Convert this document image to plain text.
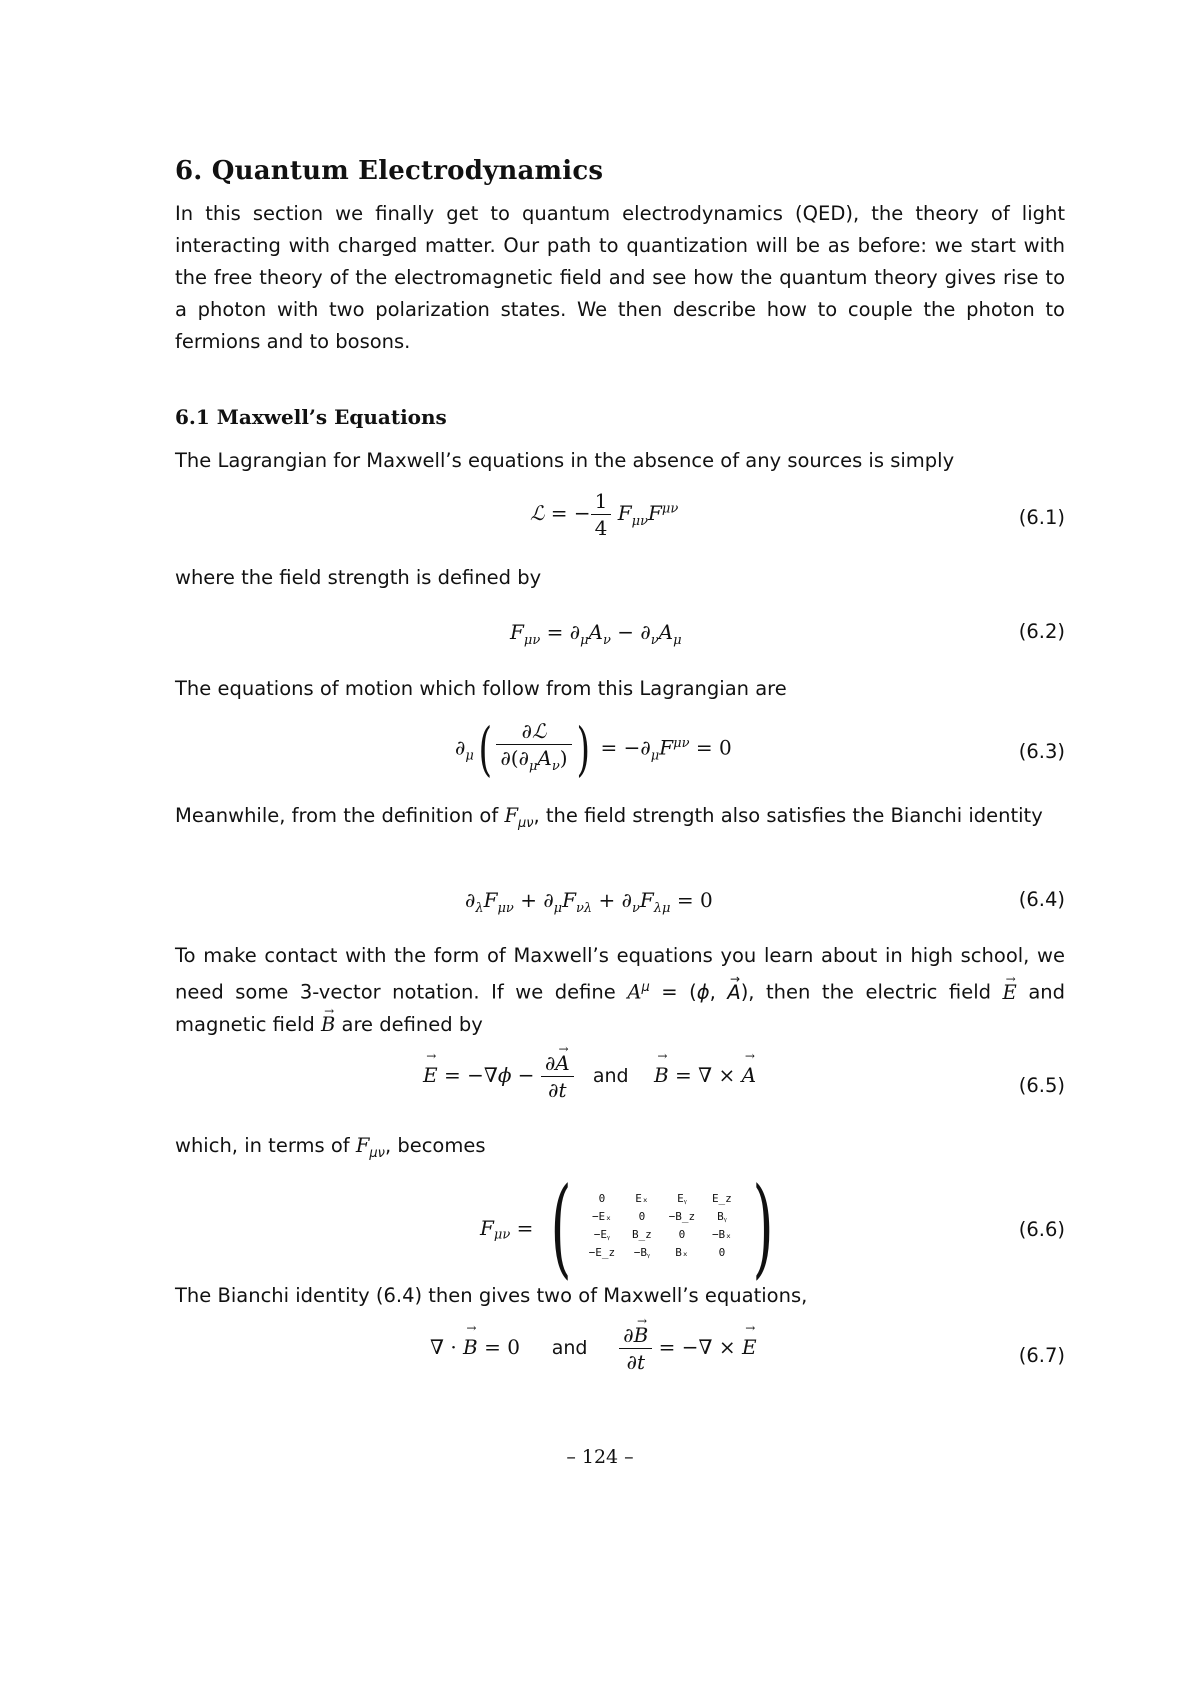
6. Quantum Electrodynamics
In this section we finally get to quantum electrodynamics (QED), the theory of light interacting with charged matter. Our path to quantization will be as before: we start with the free theory of the electromagnetic field and see how the quantum theory gives rise to a photon with two polarization states. We then describe how to couple the photon to fermions and to bosons.
6.1 Maxwell’s Equations
The Lagrangian for Maxwell’s equations in the absence of any sources is simply
ℒ = − $\frac{1}{4} F_{\mu\nu}F^{\mu\nu}$	(6.1)
where the field strength is defined by
$F_{\mu\nu} = \partial_\mu A_\nu - \partial_\nu A_\mu$	(6.2)
The equations of motion which follow from this Lagrangian are
$\partial_\mu( \frac{\text{∂ℒ}}{\partial(\partial_\mu A_\nu)}$ ) = $-\partial_\mu F^{\mu\nu} = 0$	(6.3)
Meanwhile, from the definition of $F_{\mu\nu}$, the field strength also satisfies the Bianchi identity
$\partial_\lambda F_{\mu\nu} + \partial_\mu F_{\nu\lambda} + \partial_\nu F_{\lambda\mu} = 0$	(6.4)
To make contact with the form of Maxwell’s equations you learn about in high school, we need some 3-vector notation. If we define $A^\mu = (\phi$, → A), then the electric field → E and magnetic field → B are defined by
→ $E = -\nabla\phi - \frac{\partial\to A}{\partial t}$ and → B = ∇ × → A	(6.5)
which, in terms of $F_{\mu\nu}$, becomes
$F_{\mu\nu}$ = (	0	Eₓ	Eᵧ	E_z
−Eₓ	0	−B_z	Bᵧ
−Eᵧ	B_z	0	−Bₓ
−E_z	−Bᵧ	Bₓ	0 )	(6.6)
The Bianchi identity (6.4) then gives two of Maxwell’s equations,
∇ · → B = 0     and $\frac{\partial\to B}{\partial t}$ = −∇ × → E	(6.7)
– 124 –
